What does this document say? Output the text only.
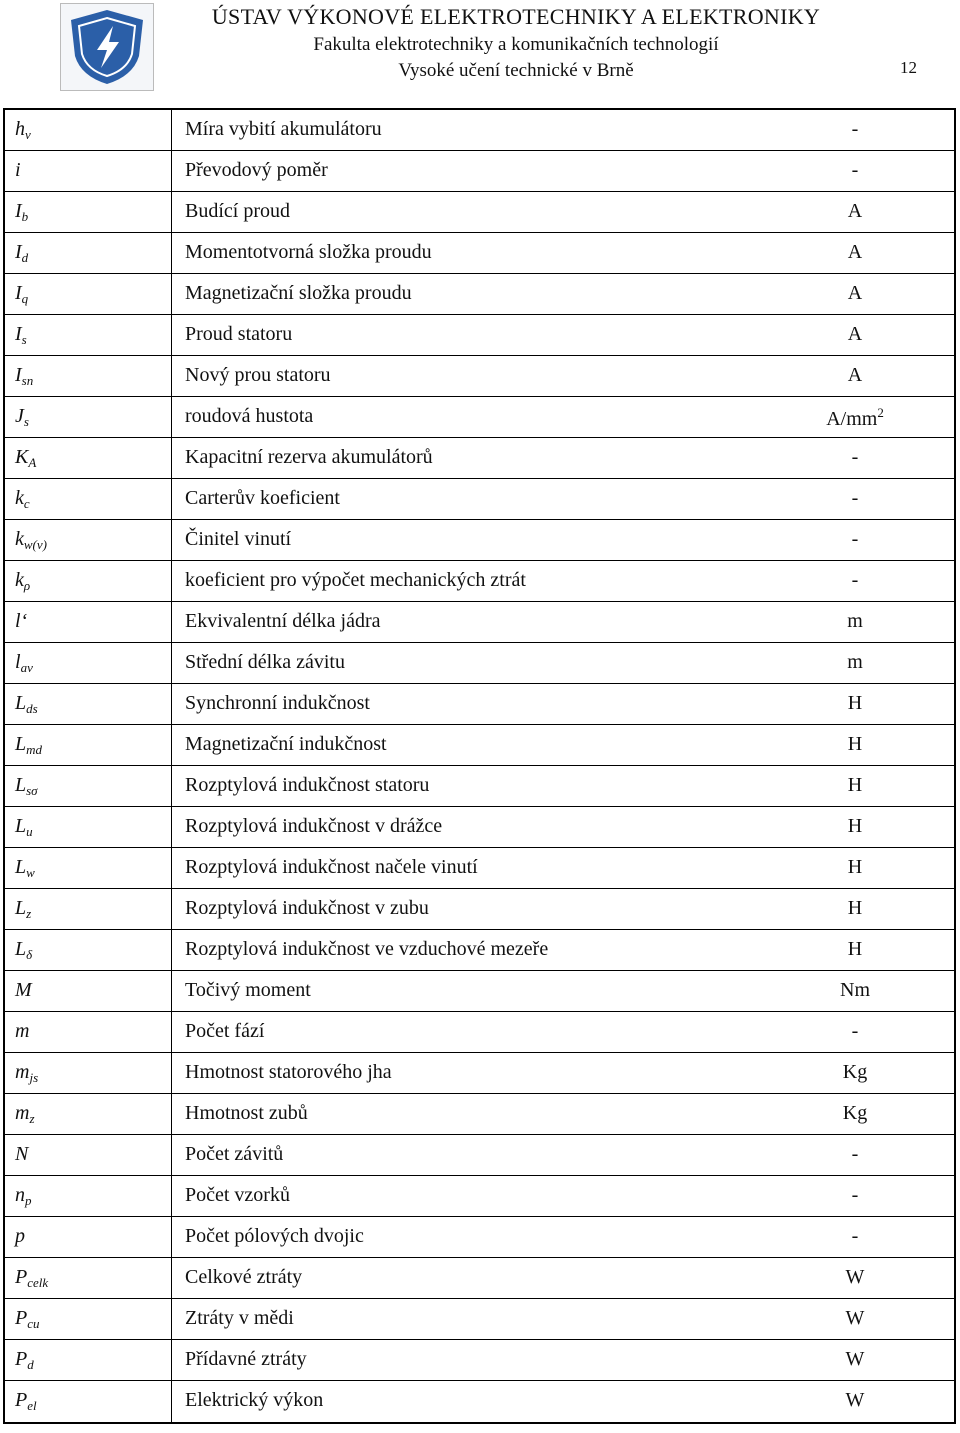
ÚSTAV VÝKONOVÉ ELEKTROTECHNIKY A ELEKTRONIKY
Fakulta elektrotechniky a komunikačních technologií
Vysoké učení technické v Brně	12
$h_v$	Míra vybití akumulátoru	-
i	Převodový poměr	-
$I_b$	Budící proud	A
$I_d$	Momentotvorná složka proudu	A
$I_q$	Magnetizační složka proudu	A
$I_s$	Proud statoru	A
$I_{sn}$	Nový prou statoru	A
$J_s$	roudová hustota	$A/mm^2$
$K_A$	Kapacitní rezerva akumulátorů	-
$k_c$	Carterův koeficient	-
$k_{w(v)}$	Činitel vinutí	-
$k_\rho$	koeficient pro výpočet mechanických ztrát	-
l‘	Ekvivalentní délka jádra	m
$l_{av}$	Střední délka závitu	m
$L_{ds}$	Synchronní indukčnost	H
$L_{md}$	Magnetizační indukčnost	H
$L_{s\sigma}$	Rozptylová indukčnost statoru	H
$L_u$	Rozptylová indukčnost v drážce	H
$L_w$	Rozptylová indukčnost načele vinutí	H
$L_z$	Rozptylová indukčnost v zubu	H
$L_\delta$	Rozptylová indukčnost ve vzduchové mezeře	H
M	Točivý moment	Nm
m	Počet fází	-
$m_{js}$	Hmotnost statorového jha	Kg
$m_z$	Hmotnost zubů	Kg
N	Počet závitů	-
$n_p$	Počet vzorků	-
p	Počet pólových dvojic	-
$P_{celk}$	Celkové ztráty	W
$P_{cu}$	Ztráty v mědi	W
$P_d$	Přídavné ztráty	W
$P_{el}$	Elektrický výkon	W
